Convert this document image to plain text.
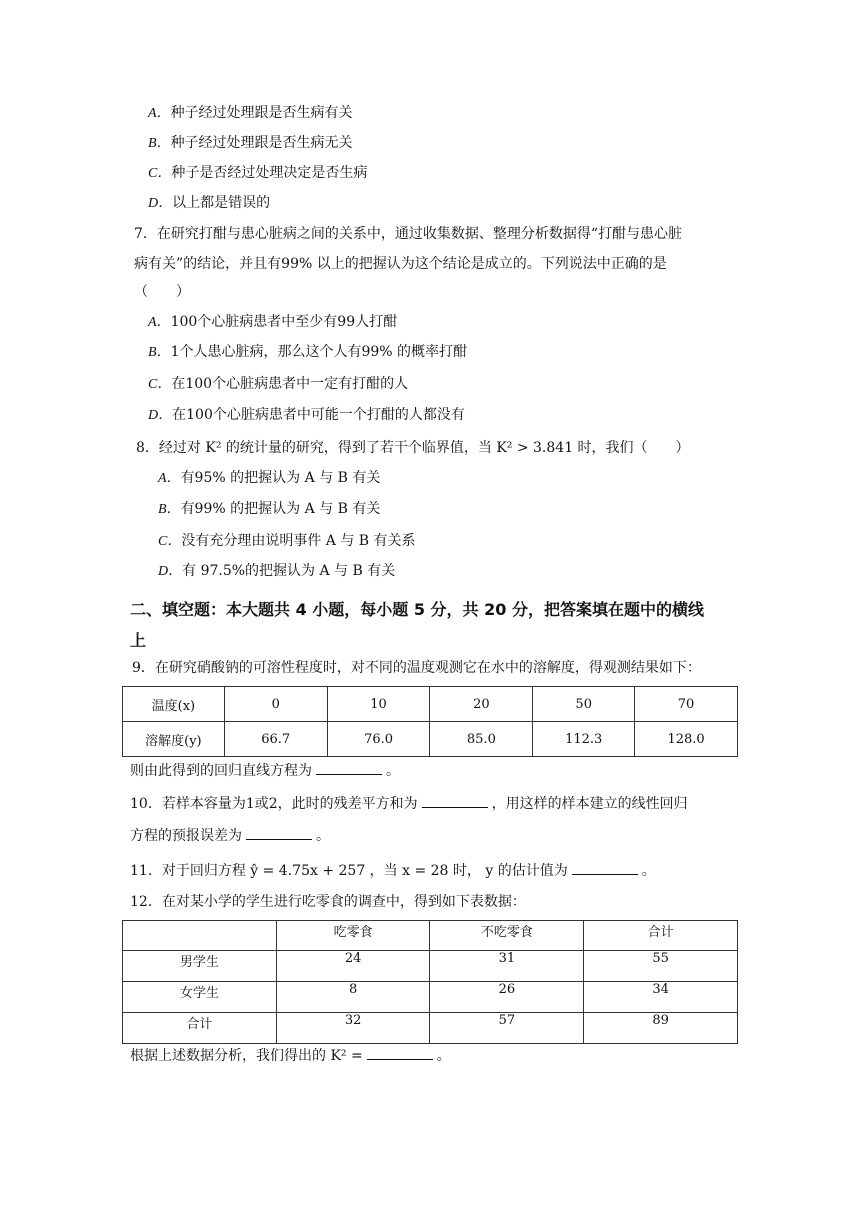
A．种子经过处理跟是否生病有关
B．种子经过处理跟是否生病无关
C．种子是否经过处理决定是否生病
D．以上都是错误的
7．在研究打酣与患心脏病之间的关系中，通过收集数据、整理分析数据得“打酣与患心脏
病有关”的结论，并且有99% 以上的把握认为这个结论是成立的。下列说法中正确的是
（　　）
A．100个心脏病患者中至少有99人打酣
B．1个人患心脏病，那么这个人有99% 的概率打酣
C．在100个心脏病患者中一定有打酣的人
D．在100个心脏病患者中可能一个打酣的人都没有
8．经过对 K² 的统计量的研究，得到了若干个临界值，当 K² > 3.841 时，我们（　　）
A．有95% 的把握认为 A 与 B 有关
B．有99% 的把握认为 A 与 B 有关
C．没有充分理由说明事件 A 与 B 有关系
D．有 97.5%的把握认为 A 与 B 有关
二、填空题：本大题共 4 小题，每小题 5 分，共 20 分，把答案填在题中的横线
上
9．在研究硝酸钠的可溶性程度时，对不同的温度观测它在水中的溶解度，得观测结果如下：
温度(x)	0	10	20	50	70
溶解度(y)	66.7	76.0	85.0	112.3	128.0
则由此得到的回归直线方程为	。
10．若样本容量为1或2，此时的残差平方和为	，用这样的样本建立的线性回归
方程的预报误差为	。
11．对于回归方程 ŷ = 4.75x + 257 ，当 x = 28 时， y 的估计值为	。
12．在对某小学的学生进行吃零食的调查中，得到如下表数据：
	吃零食	不吃零食	合计
男学生	24	31	55
女学生	8	26	34
合计	32	57	89
根据上述数据分析，我们得出的 K² =	。
